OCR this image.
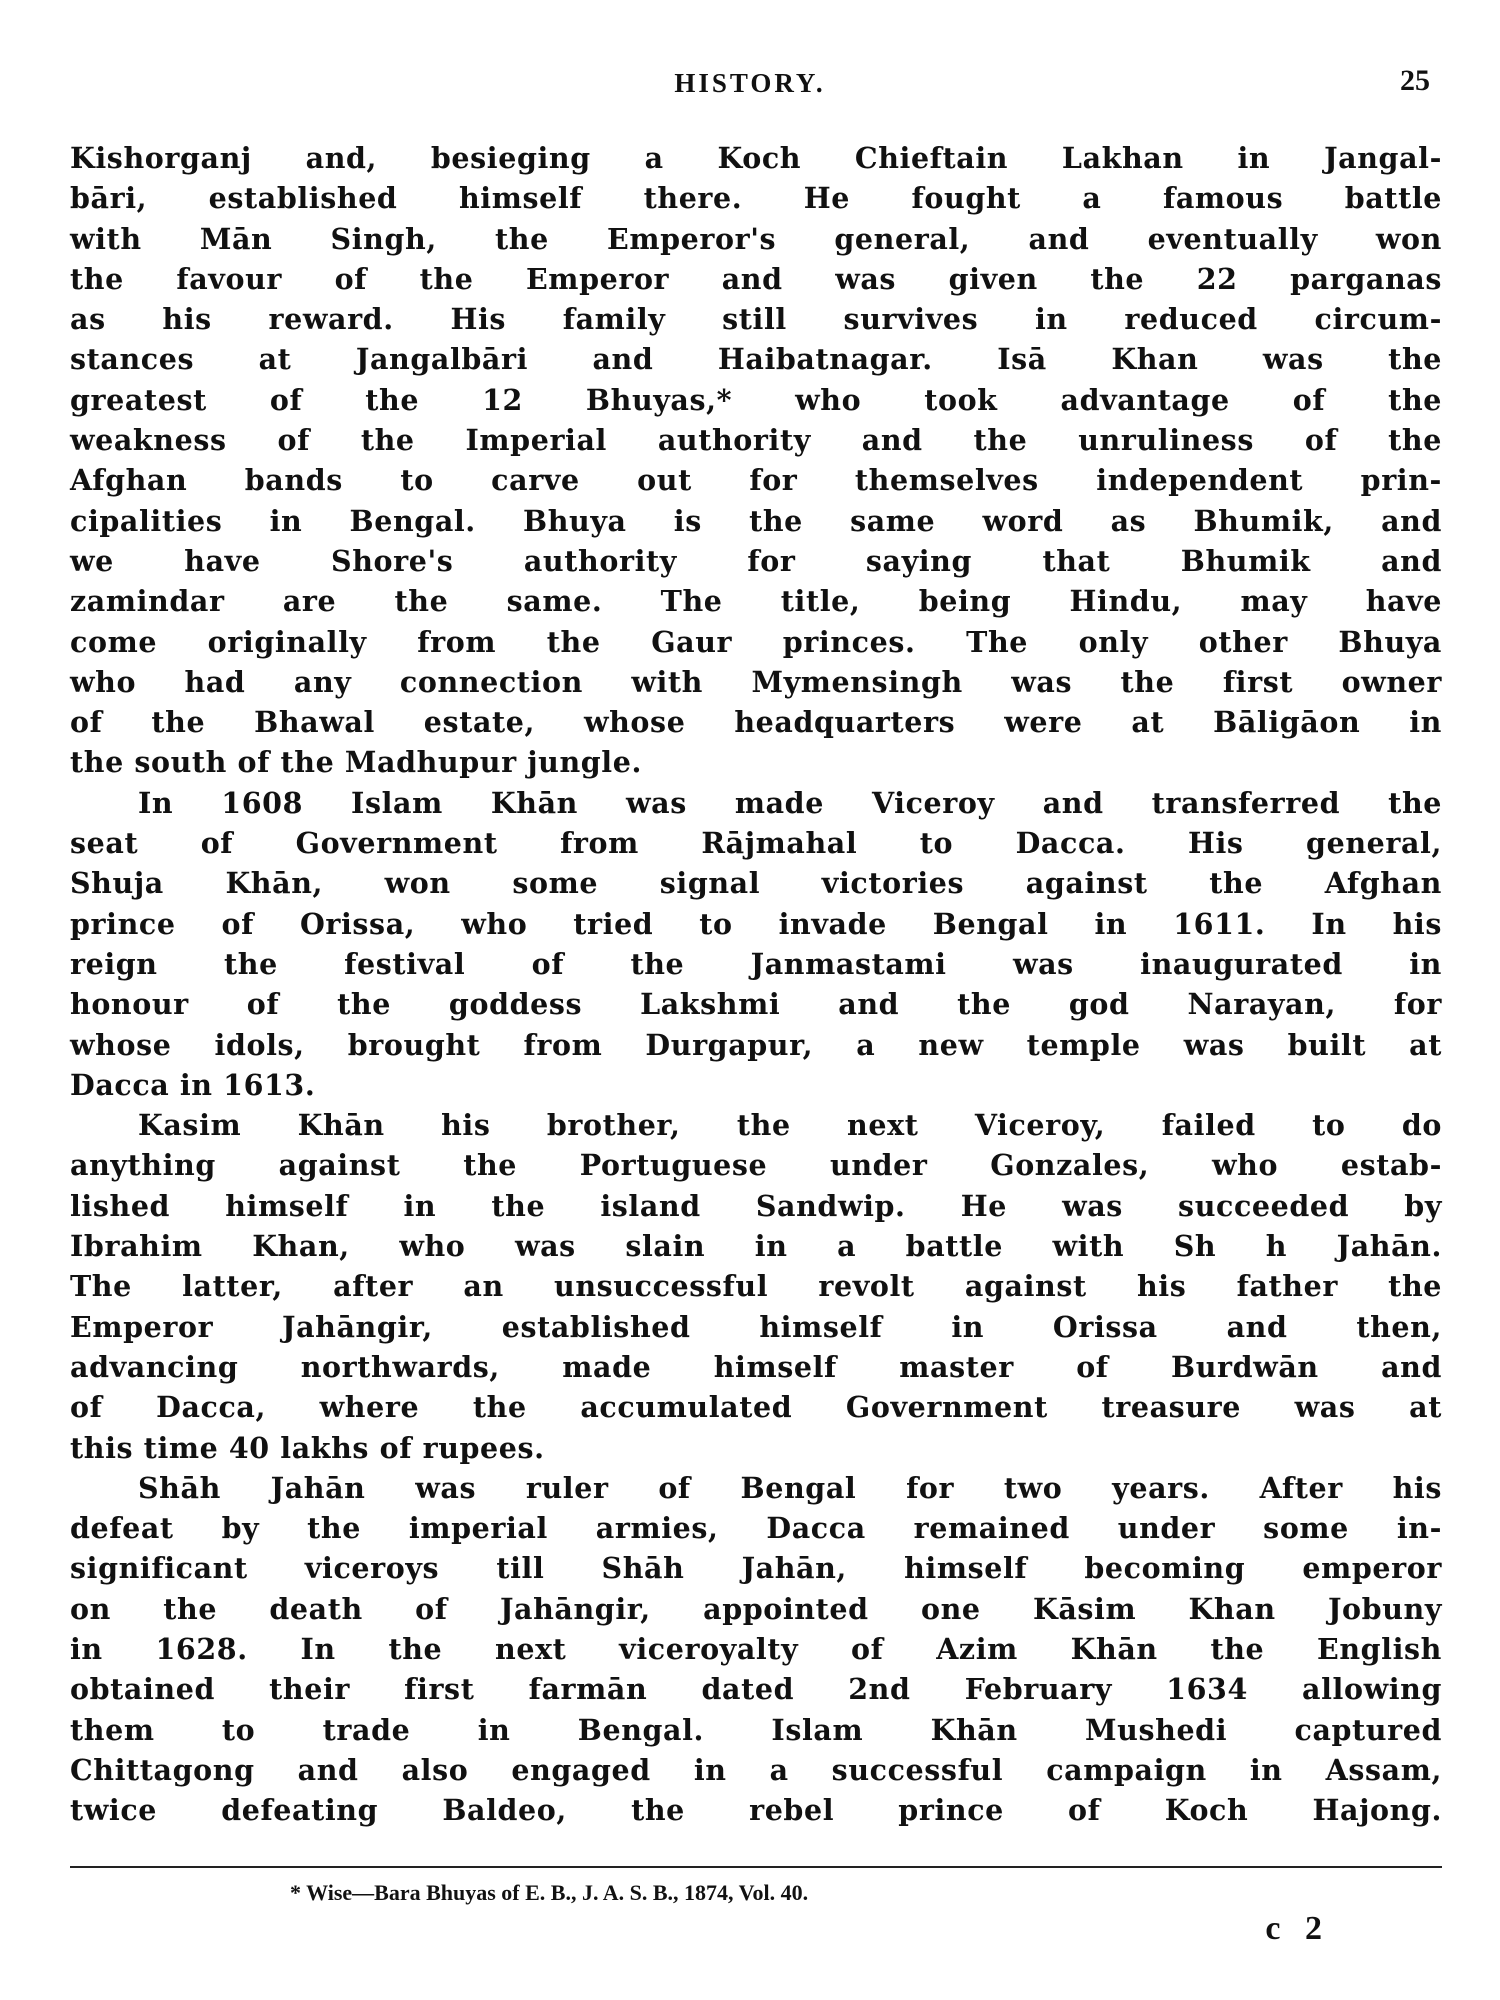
HISTORY.	25
Kishorganj and, besieging a Koch Chieftain Lakhan in Jangal-
bāri, established himself there. He fought a famous battle
with Mān Singh, the Emperor's general, and eventually won
the favour of the Emperor and was given the 22 parganas
as his reward. His family still survives in reduced circum-
stances at Jangalbāri and Haibatnagar. Isā Khan was the
greatest of the 12 Bhuyas,* who took advantage of the
weakness of the Imperial authority and the unruliness of the
Afghan bands to carve out for themselves independent prin-
cipalities in Bengal. Bhuya is the same word as Bhumik, and
we have Shore's authority for saying that Bhumik and
zamindar are the same. The title, being Hindu, may have
come originally from the Gaur princes. The only other Bhuya
who had any connection with Mymensingh was the first owner
of the Bhawal estate, whose headquarters were at Bāligāon in
the south of the Madhupur jungle.
In 1608 Islam Khān was made Viceroy and transferred the
seat of Government from Rājmahal to Dacca. His general,
Shuja Khān, won some signal victories against the Afghan
prince of Orissa, who tried to invade Bengal in 1611. In his
reign the festival of the Janmastami was inaugurated in
honour of the goddess Lakshmi and the god Narayan, for
whose idols, brought from Durgapur, a new temple was built at
Dacca in 1613.
Kasim Khān his brother, the next Viceroy, failed to do
anything against the Portuguese under Gonzales, who estab-
lished himself in the island Sandwip. He was succeeded by
Ibrahim Khan, who was slain in a battle with Sh h Jahān.
The latter, after an unsuccessful revolt against his father the
Emperor Jahāngir, established himself in Orissa and then,
advancing northwards, made himself master of Burdwān and
of Dacca, where the accumulated Government treasure was at
this time 40 lakhs of rupees.
Shāh Jahān was ruler of Bengal for two years. After his
defeat by the imperial armies, Dacca remained under some in-
significant viceroys till Shāh Jahān, himself becoming emperor
on the death of Jahāngir, appointed one Kāsim Khan Jobuny
in 1628. In the next viceroyalty of Azim Khān the English
obtained their first farmān dated 2nd February 1634 allowing
them to trade in Bengal. Islam Khān Mushedi captured
Chittagong and also engaged in a successful campaign in Assam,
twice defeating Baldeo, the rebel prince of Koch Hajong.
* Wise—Bara Bhuyas of E. B., J. A. S. B., 1874, Vol. 40.
c 2
